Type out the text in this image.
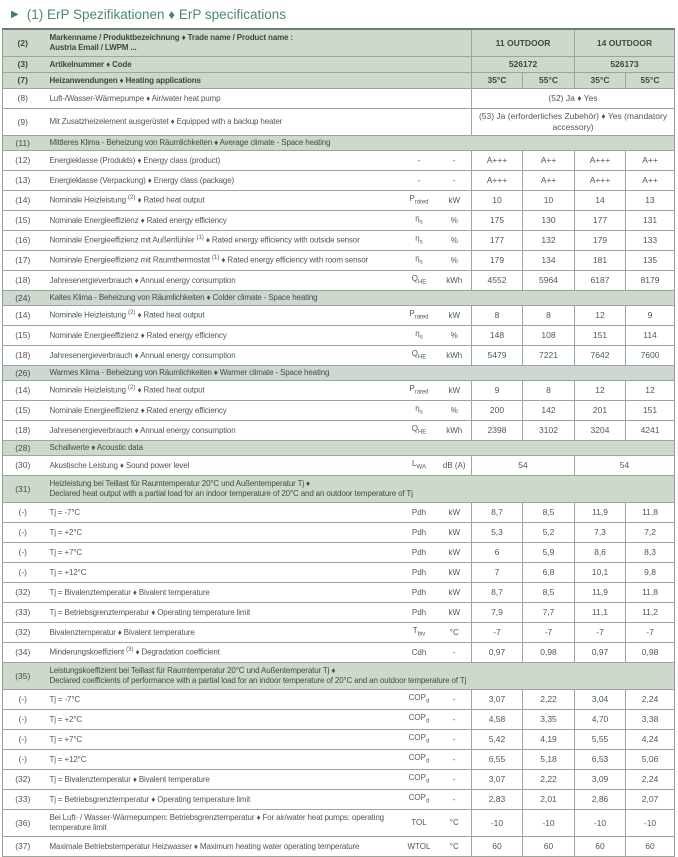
▶ (1) ErP Spezifikationen ♦ ErP specifications
(2)	Markenname / Produktbezeichnung ♦ Trade name / Product name :
Austria Email / LWPM ...			11 OUTDOOR		14 OUTDOOR	
(3)	Artikelnummer ♦ Code			526172		526173	
(7)	Heizanwendungen ♦ Heating applications			35°C	55°C	35°C	55°C
(8)	Luft-/Wasser-Wärmepumpe ♦ Air/water heat pump			(52) Ja ♦ Yes			
(9)	Mit Zusatzheizelement ausgerüstet ♦ Equipped with a backup heater			(53) Ja (erforderliches Zubehör) ♦ Yes (mandatory accessory)			
(11)	Mittleres Klima - Beheizung von Räumlichkeiten ♦ Average climate - Space heating						

(12)	Energieklasse (Produkts) ♦ Energy class (product)	-	-	A+++	A++	A+++	A++
(13)	Energieklasse (Verpackung) ♦ Energy class (package)	-	-	A+++	A++	A+++	A++
(14)	Nominale Heizleistung $^{(2)}$ ♦ Rated heat output	$P_{rated}$	kW	10	10	14	13
(15)	Nominale Energieeffizienz ♦ Rated energy efficiency	$\eta_s$	%	175	130	177	131
(16)	Nominale Energieeffizienz mit Außenfühler $^{(1)}$ ♦ Rated energy efficiency with outside sensor	$\eta_s$	%	177	132	179	133
(17)	Nominale Energieeffizienz mit Raumthermostat $^{(1)}$ ♦ Rated energy efficiency with room sensor	$\eta_s$	%	179	134	181	135
(18)	Jahresenergieverbrauch ♦ Annual energy consumption	$Q_{HE}$	kWh	4552	5964	6187	8179
(24)	Kaltes Klima - Beheizung von Räumlichkeiten ♦ Colder climate - Space heating						

(14)	Nominale Heizleistung $^{(2)}$ ♦ Rated heat output	$P_{rated}$	kW	8	8	12	9
(15)	Nominale Energieeffizienz ♦ Rated energy efficiency	$\eta_s$	%	148	108	151	114
(18)	Jahresenergieverbrauch ♦ Annual energy consumption	$Q_{HE}$	kWh	5479	7221	7642	7600
(26)	Warmes Klima - Beheizung von Räumlichkeiten ♦ Warmer climate - Space heating						

(14)	Nominale Heizleistung $^{(2)}$ ♦ Rated heat output	$P_{rated}$	kW	9	8	12	12
(15)	Nominale Energieeffizienz ♦ Rated energy efficiency	$\eta_s$	%	200	142	201	151
(18)	Jahresenergieverbrauch ♦ Annual energy consumption	$Q_{HE}$	kWh	2398	3102	3204	4241
(28)	Schallwerte ♦ Acoustic data						

(30)	Akustische Leistung ♦ Sound power level	$L_{WA}$	dB (A)	54		54	
(31)	Heizleistung bei Teillast für Raumtemperatur 20°C und Außentemperatur Tj ♦
Declared heat output with a partial load for an indoor temperature of 20°C and an outdoor temperature of Tj						

(-)	Tj = -7°C	Pdh	kW	8,7	8,5	11,9	11,8
(-)	Tj = +2°C	Pdh	kW	5,3	5,2	7,3	7,2
(-)	Tj = +7°C	Pdh	kW	6	5,9	8,6	8,3
(-)	Tj = +12°C	Pdh	kW	7	6,8	10,1	9,8
(32)	Tj = Bivalenztemperatur ♦ Bivalent temperature	Pdh	kW	8,7	8,5	11,9	11,8
(33)	Tj = Betriebsgrenztemperatur ♦ Operating temperature limit	Pdh	kW	7,9	7,7	11,1	11,2
(32)	Bivalenztemperatur ♦ Bivalent temperature	$T_{biv}$	°C	-7	-7	-7	-7
(34)	Minderungskoeffizient $^{(3)}$ ♦ Degradation coefficient	Cdh	-	0,97	0,98	0,97	0,98
(35)	Leistungskoeffizient bei Teillast für Raumtemperatur 20°C und Außentemperatur Tj ♦
Declared coefficients of performance with a partial load for an indoor temperature of 20°C and an outdoor temperature of Tj						

(-)	Tj = -7°C	$COP_d$	-	3,07	2,22	3,04	2,24
(-)	Tj = +2°C	$COP_d$	-	4,58	3,35	4,70	3,38
(-)	Tj = +7°C	$COP_d$	-	5,42	4,19	5,55	4,24
(-)	Tj = +12°C	$COP_d$	-	6,55	5,18	6,53	5,06
(32)	Tj = Bivalenztemperatur ♦ Bivalent temperature	$COP_d$	-	3,07	2,22	3,09	2,24
(33)	Tj = Betriebsgrenztemperatur ♦ Operating temperature limit	$COP_d$	-	2,83	2,01	2,86	2,07
(36)	Bei Luft- / Wasser-Wärmepumpen: Betriebsgrenztemperatur ♦ For air/water heat pumps: operating temperature limit	TOL	°C	-10	-10	-10	-10
(37)	Maximale Betriebstemperatur Heizwasser ♦ Maximum heating water operating temperature	WTOL	°C	60	60	60	60
